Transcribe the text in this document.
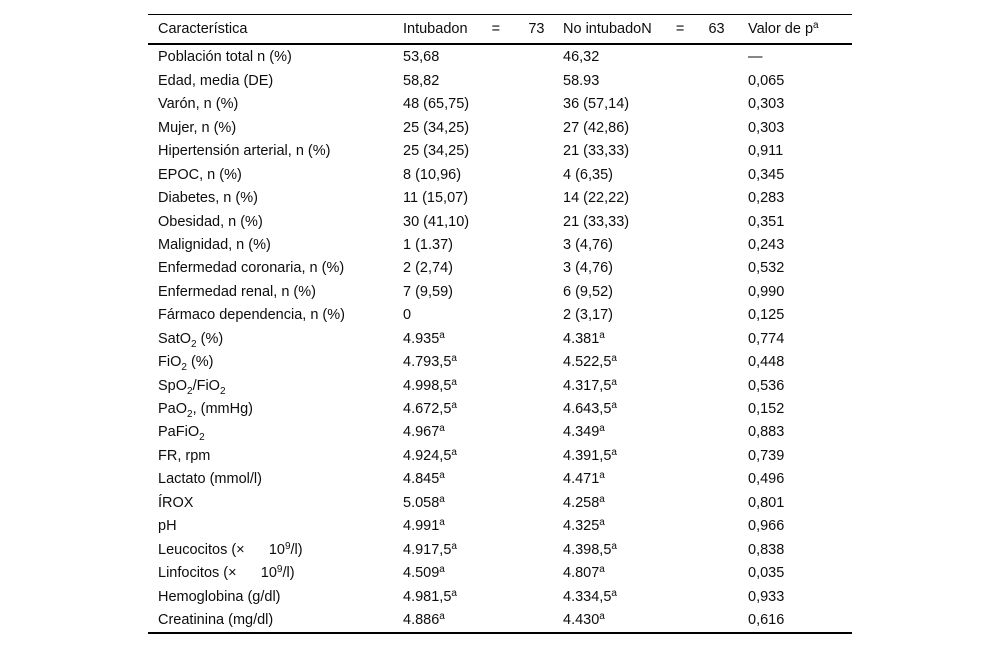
Característica	Intubadon      =       73	No intubadoN      =      63	Valor de $p^a$
Población total n (%)	53,68	46,32	—
Edad, media (DE)	58,82	58.93	0,065
Varón, n (%)	48 (65,75)	36 (57,14)	0,303
Mujer, n (%)	25 (34,25)	27 (42,86)	0,303
Hipertensión arterial, n (%)	25 (34,25)	21 (33,33)	0,911
EPOC, n (%)	8 (10,96)	4 (6,35)	0,345
Diabetes, n (%)	11 (15,07)	14 (22,22)	0,283
Obesidad, n (%)	30 (41,10)	21 (33,33)	0,351
Malignidad, n (%)	1 (1.37)	3 (4,76)	0,243
Enfermedad coronaria, n (%)	2 (2,74)	3 (4,76)	0,532
Enfermedad renal, n (%)	7 (9,59)	6 (9,52)	0,990
Fármaco dependencia, n (%)	0	2 (3,17)	0,125
SatO$_2$ (%)	4.935$^a$	4.381$^a$	0,774
FiO$_2$ (%)	4.793,5$^a$	4.522,5$^a$	0,448
SpO$_2$/FiO$_2$	4.998,5$^a$	4.317,5$^a$	0,536
PaO$_2$, (mmHg)	4.672,5$^a$	4.643,5$^a$	0,152
PaFiO$_2$	4.967$^a$	4.349$^a$	0,883
FR, rpm	4.924,5$^a$	4.391,5$^a$	0,739
Lactato (mmol/l)	4.845$^a$	4.471$^a$	0,496
ÍROX	5.058$^a$	4.258$^a$	0,801
pH	4.991$^a$	4.325$^a$	0,966
Leucocitos (×      $10^9/l$)	4.917,5$^a$	4.398,5$^a$	0,838
Linfocitos (×      $10^9/l$)	4.509$^a$	4.807$^a$	0,035
Hemoglobina (g/dl)	4.981,5$^a$	4.334,5$^a$	0,933
Creatinina (mg/dl)	4.886$^a$	4.430$^a$	0,616
